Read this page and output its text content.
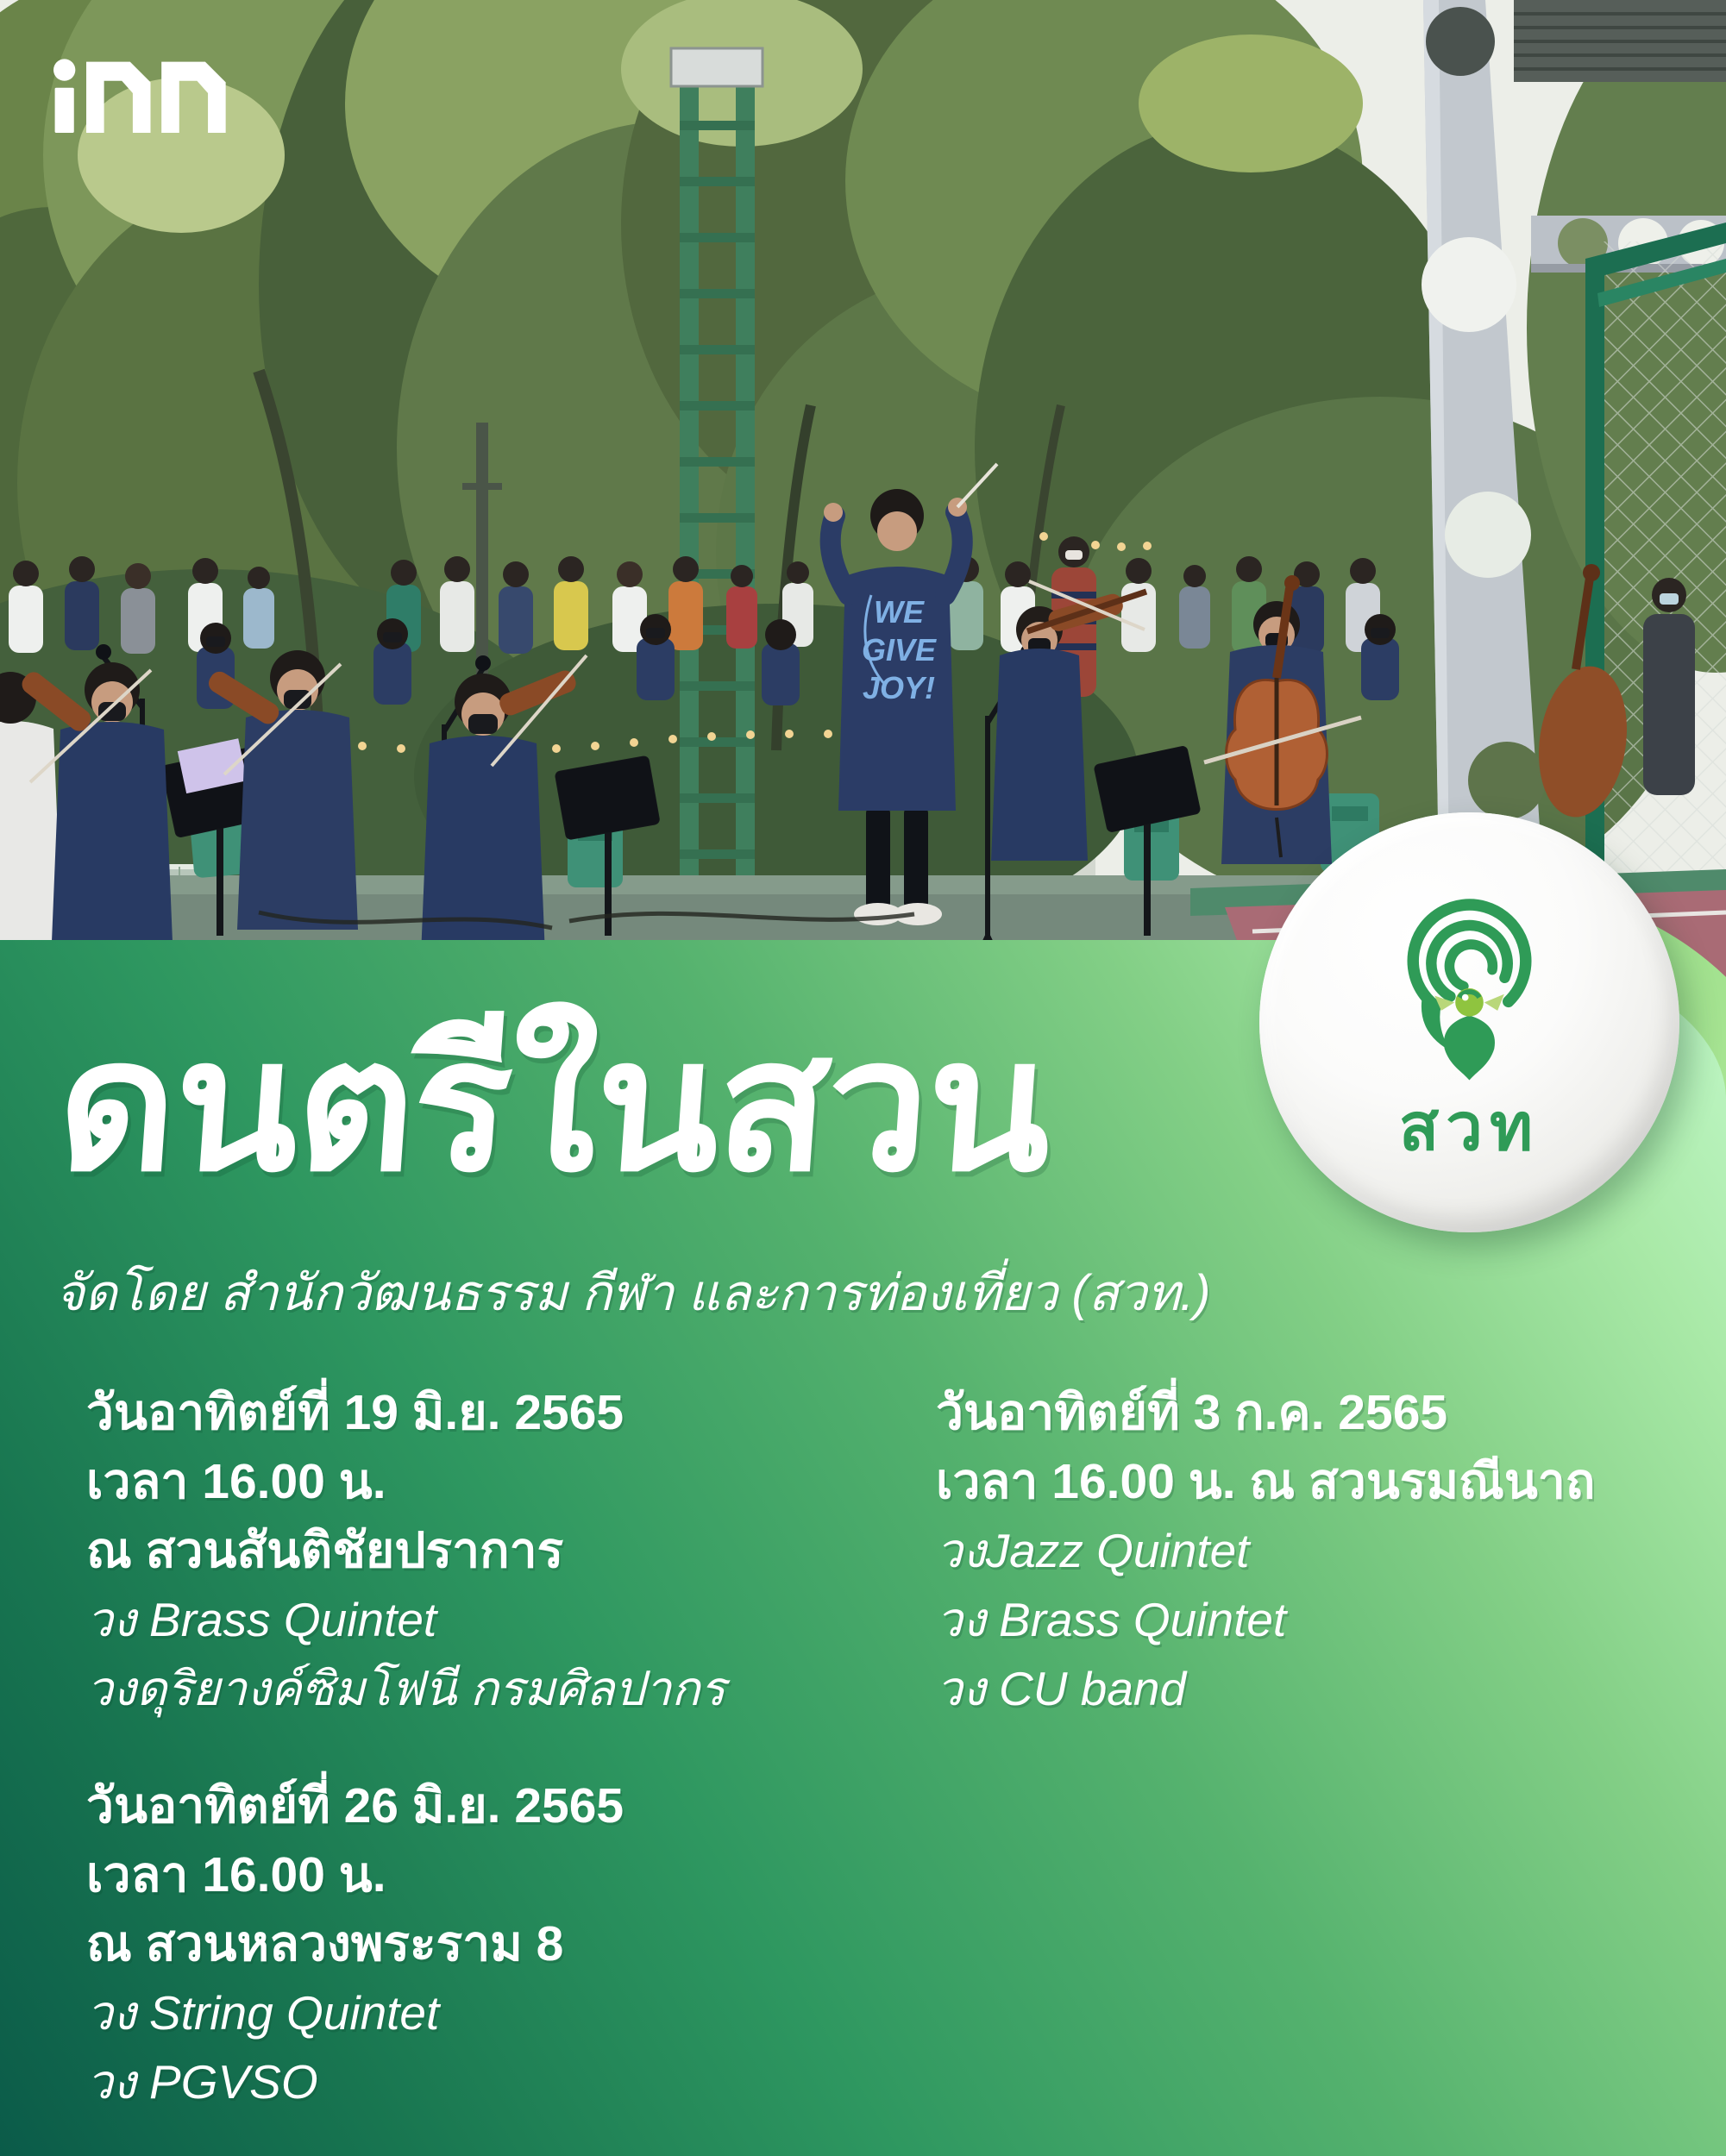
WE
GIVE
JOY!
สวท
ดนตรีในสวน
จัดโดย สำนักวัฒนธรรม กีฬา และการท่องเที่ยว (สวท.)
วันอาทิตย์ที่ 19 มิ.ย. 2565
เวลา 16.00 น.
ณ สวนสันติชัยปราการ
วง Brass Quintet
วงดุริยางค์ซิมโฟนี กรมศิลปากร
วันอาทิตย์ที่ 3 ก.ค. 2565
เวลา 16.00 น. ณ สวนรมณีนาถ
วงJazz Quintet
วง Brass Quintet
วง CU band
วันอาทิตย์ที่ 26 มิ.ย. 2565
เวลา 16.00 น.
ณ สวนหลวงพระราม 8
วง String Quintet
วง PGVSO
